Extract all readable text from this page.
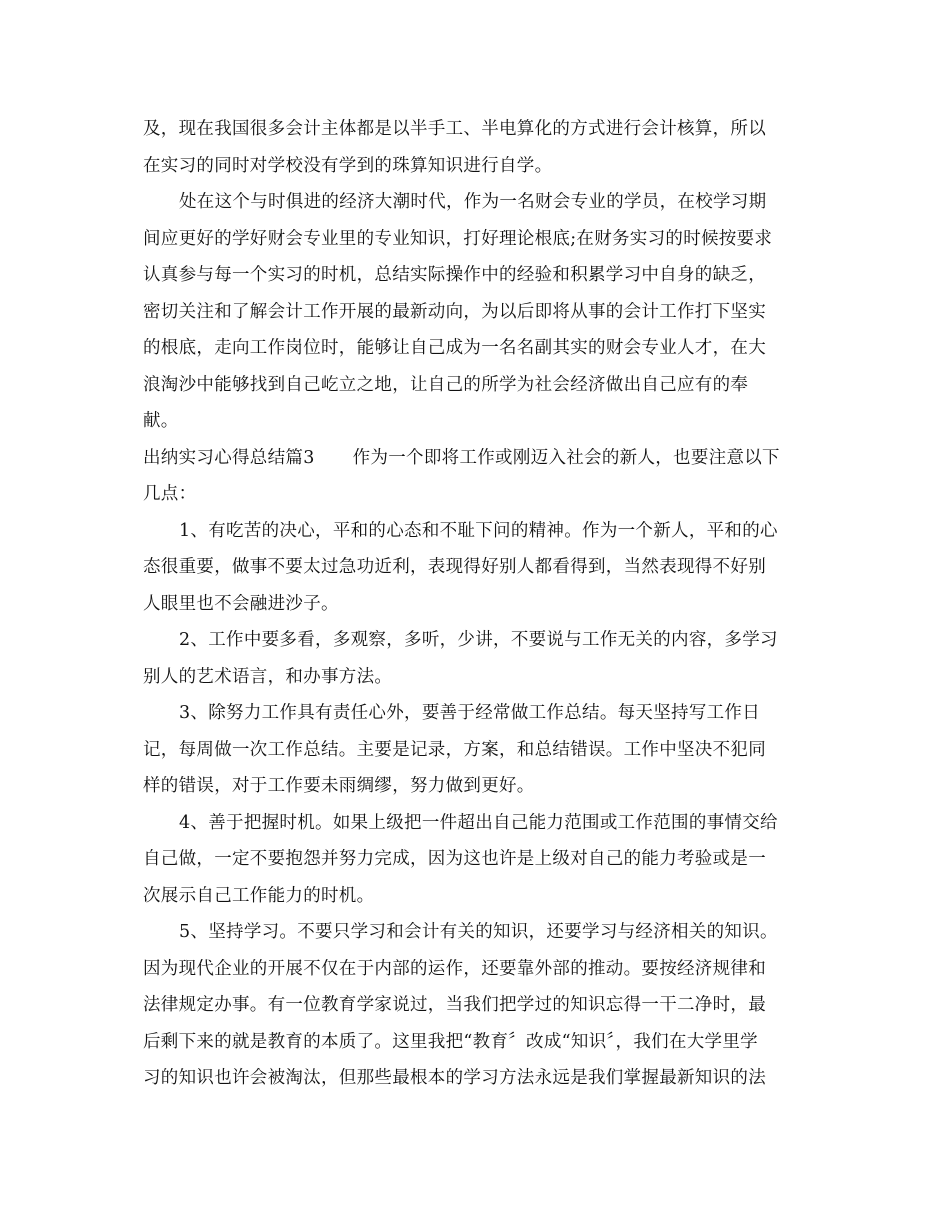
及，现在我国很多会计主体都是以半手工、半电算化的方式进行会计核算，所以
在实习的同时对学校没有学到的珠算知识进行自学。
处在这个与时俱进的经济大潮时代，作为一名财会专业的学员，在校学习期
间应更好的学好财会专业里的专业知识，打好理论根底;在财务实习的时候按要求
认真参与每一个实习的时机，总结实际操作中的经验和积累学习中自身的缺乏，
密切关注和了解会计工作开展的最新动向，为以后即将从事的会计工作打下坚实
的根底，走向工作岗位时，能够让自己成为一名名副其实的财会专业人才，在大
浪淘沙中能够找到自己屹立之地，让自己的所学为社会经济做出自己应有的奉
献。
出纳实习心得总结篇3 作为一个即将工作或刚迈入社会的新人，也要注意以下
几点：
1、有吃苦的决心，平和的心态和不耻下问的精神。作为一个新人，平和的心
态很重要，做事不要太过急功近利，表现得好别人都看得到，当然表现得不好别
人眼里也不会融进沙子。
2、工作中要多看，多观察，多听，少讲，不要说与工作无关的内容，多学习
别人的艺术语言，和办事方法。
3、除努力工作具有责任心外，要善于经常做工作总结。每天坚持写工作日
记，每周做一次工作总结。主要是记录，方案，和总结错误。工作中坚决不犯同
样的错误，对于工作要未雨绸缪，努力做到更好。
4、善于把握时机。如果上级把一件超出自己能力范围或工作范围的事情交给
自己做，一定不要抱怨并努力完成，因为这也许是上级对自己的能力考验或是一
次展示自己工作能力的时机。
5、坚持学习。不要只学习和会计有关的知识，还要学习与经济相关的知识。
因为现代企业的开展不仅在于内部的运作，还要靠外部的推动。要按经济规律和
法律规定办事。有一位教育学家说过，当我们把学过的知识忘得一干二净时，最
后剩下来的就是教育的本质了。这里我把“教育〞改成“知识〞，我们在大学里学
习的知识也许会被淘汰，但那些最根本的学习方法永远是我们掌握最新知识的法
